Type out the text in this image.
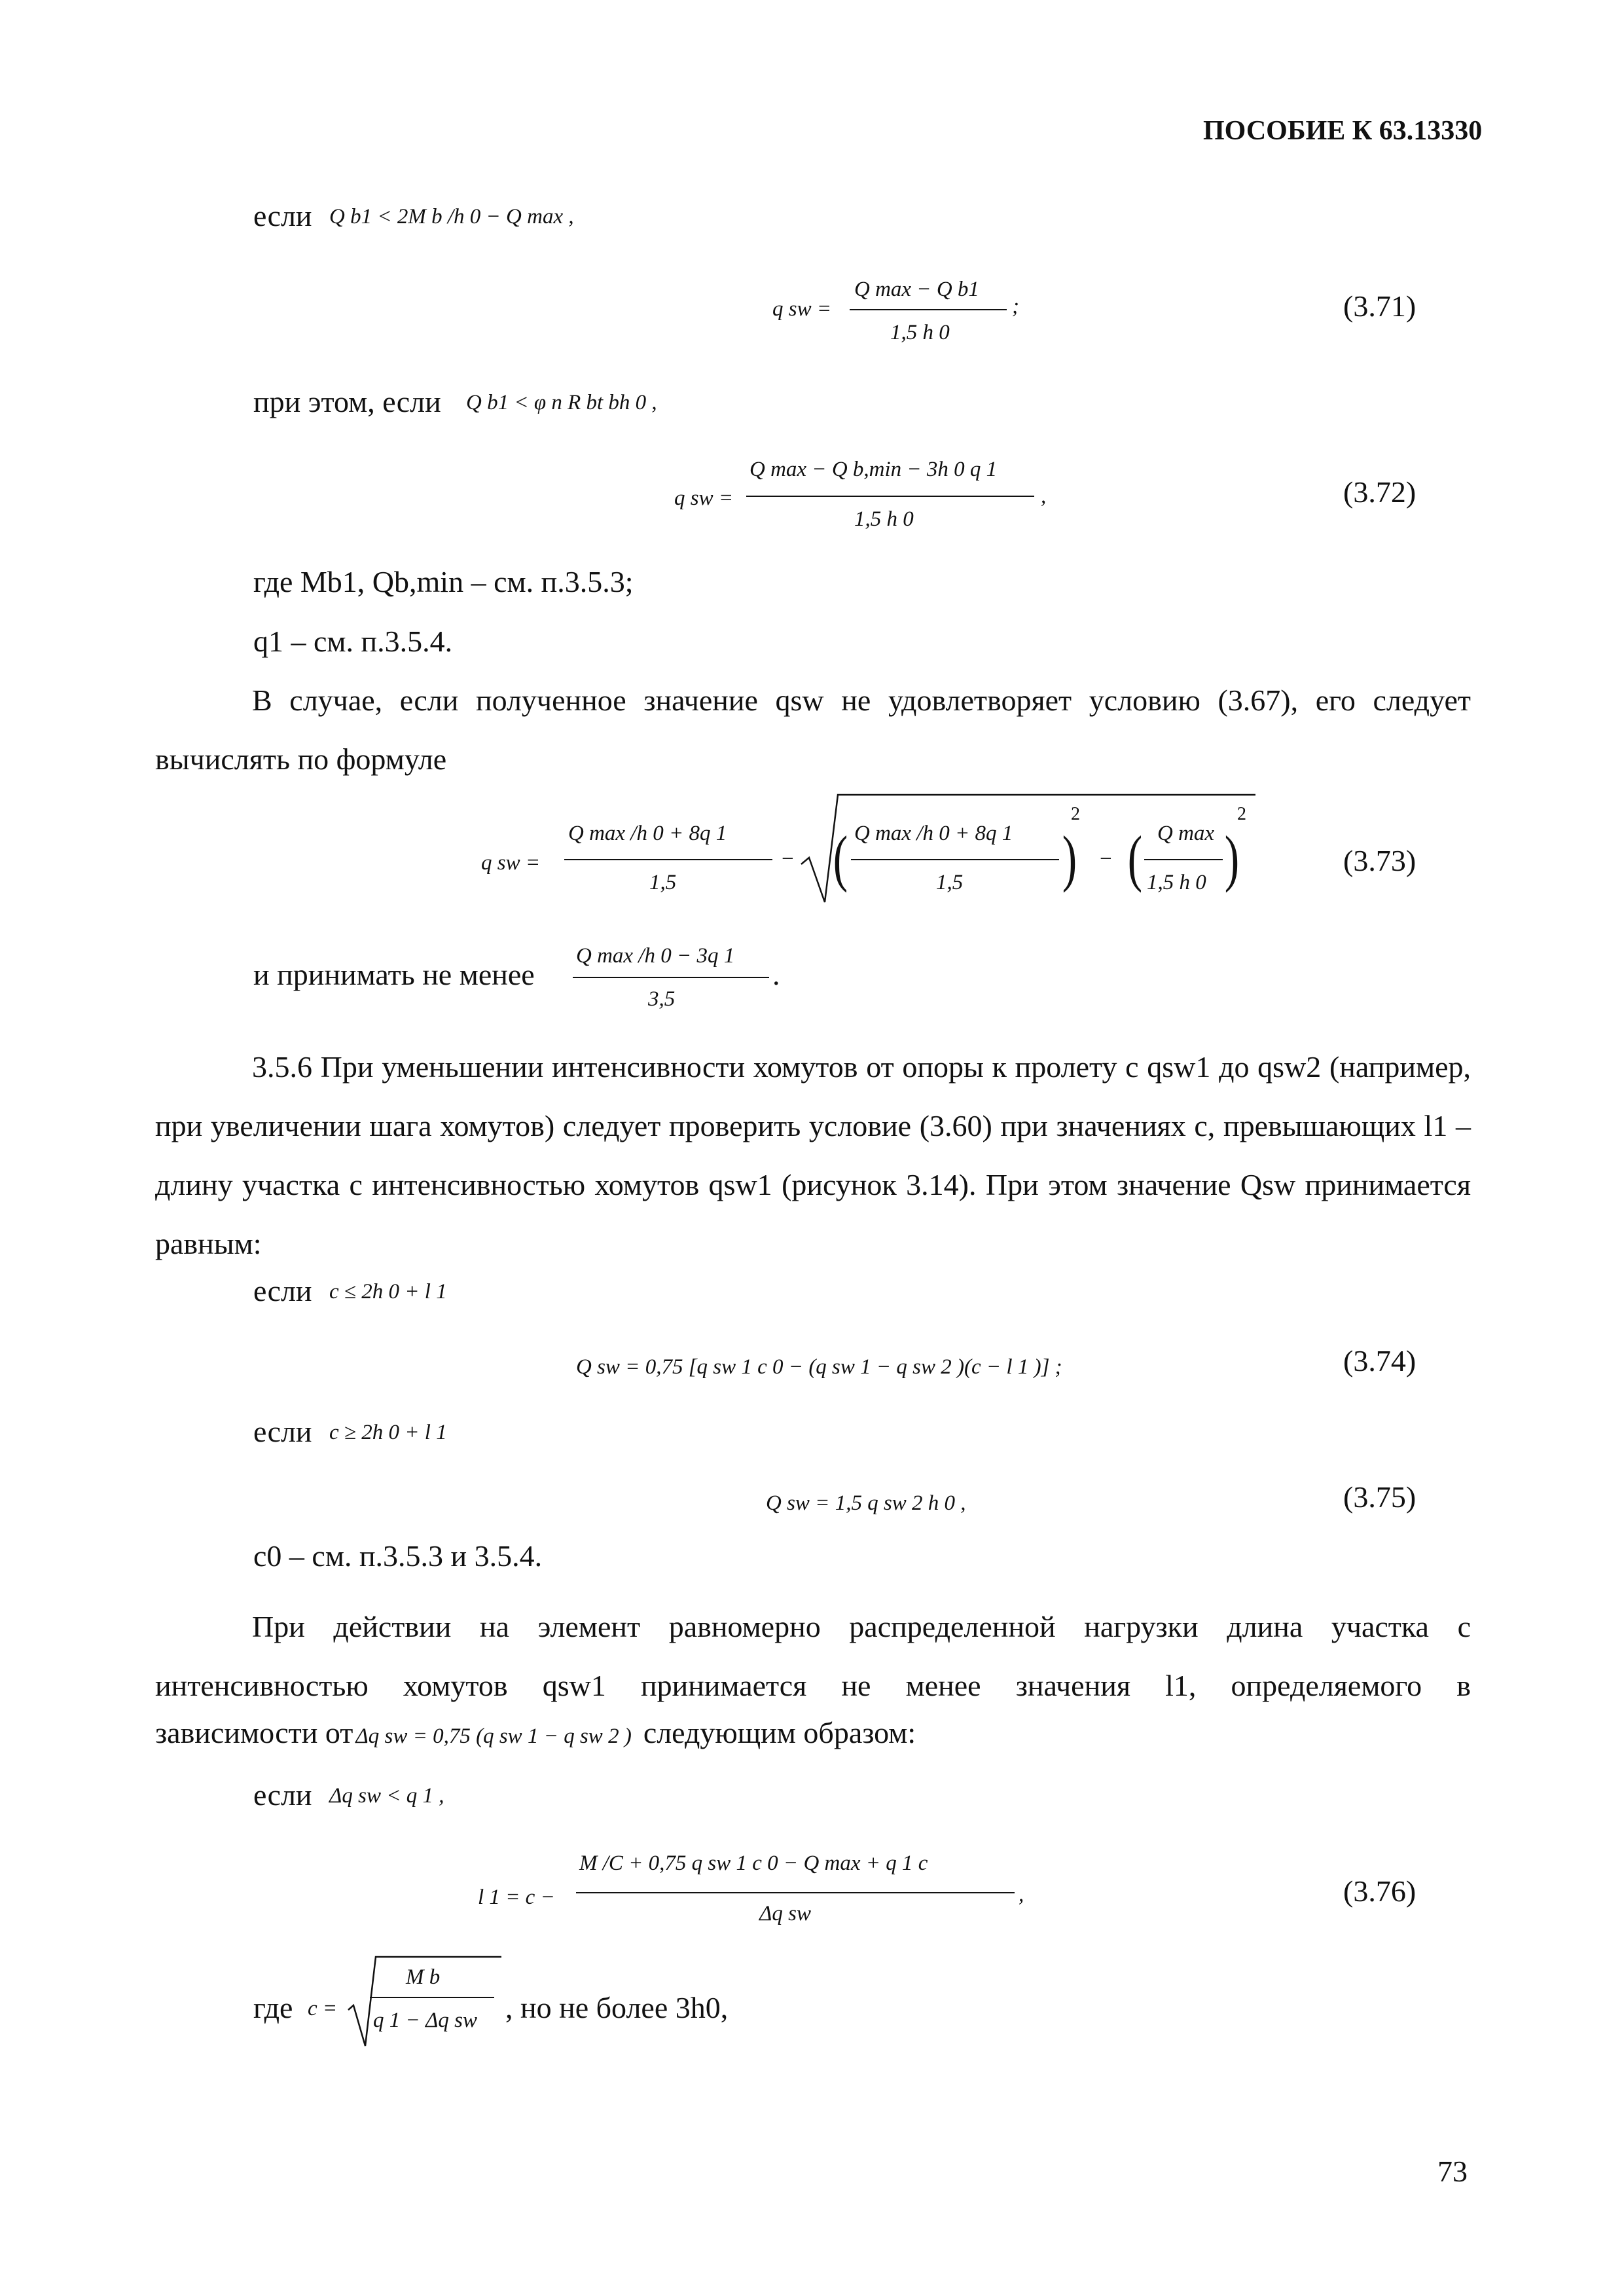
ПОСОБИЕ К 63.13330
если Q b1 < 2M b /h 0 − Q max ,
q sw =
Q max − Q b1
1,5 h 0
;	(3.71)
при этом, если Q b1 < φ n R bt bh 0 ,
q sw =
Q max − Q b,min − 3h 0 q 1
1,5 h 0
,	(3.72)
где Mb1, Qb,min – см. п.3.5.3;
q1 – см. п.3.5.4.
В случае, если полученное значение qsw не удовлетворяет условию (3.67), его следует вычислять по формуле
q sw =
Q max /h 0 + 8q 1
1,5
− ( Q max /h 0 + 8q 1
1,5 )
2
− ( Q max
1,5 h 0 )
2
(3.73)
и принимать не менее
Q max /h 0 − 3q 1
3,5
.
3.5.6 При уменьшении интенсивности хомутов от опоры к пролету с qsw1 до qsw2 (например, при увеличении шага хомутов) следует проверить условие (3.60) при значениях c, превышающих l1 – длину участка с интенсивностью хомутов qsw1 (рисунок 3.14). При этом значение Qsw принимается равным:
если c ≤ 2h 0 + l 1
Q sw = 0,75 [q sw 1 c 0 − (q sw 1 − q sw 2 )(c − l 1 )] ;	(3.74)
если c ≥ 2h 0 + l 1
Q sw = 1,5 q sw 2 h 0 ,	(3.75)
c0 – см. п.3.5.3 и 3.5.4.
При действии на элемент равномерно распределенной нагрузки длина участка с интенсивностью хомутов qsw1 принимается не менее значения l1, определяемого в
зависимости от Δq sw = 0,75 (q sw 1 − q sw 2 ) следующим образом:
если Δq sw < q 1 ,
l 1 = c −
M /C + 0,75 q sw 1 c 0 − Q max + q 1 c
Δq sw
,	(3.76)
где c =
M b
q 1 − Δq sw , но не более 3h0,
73
